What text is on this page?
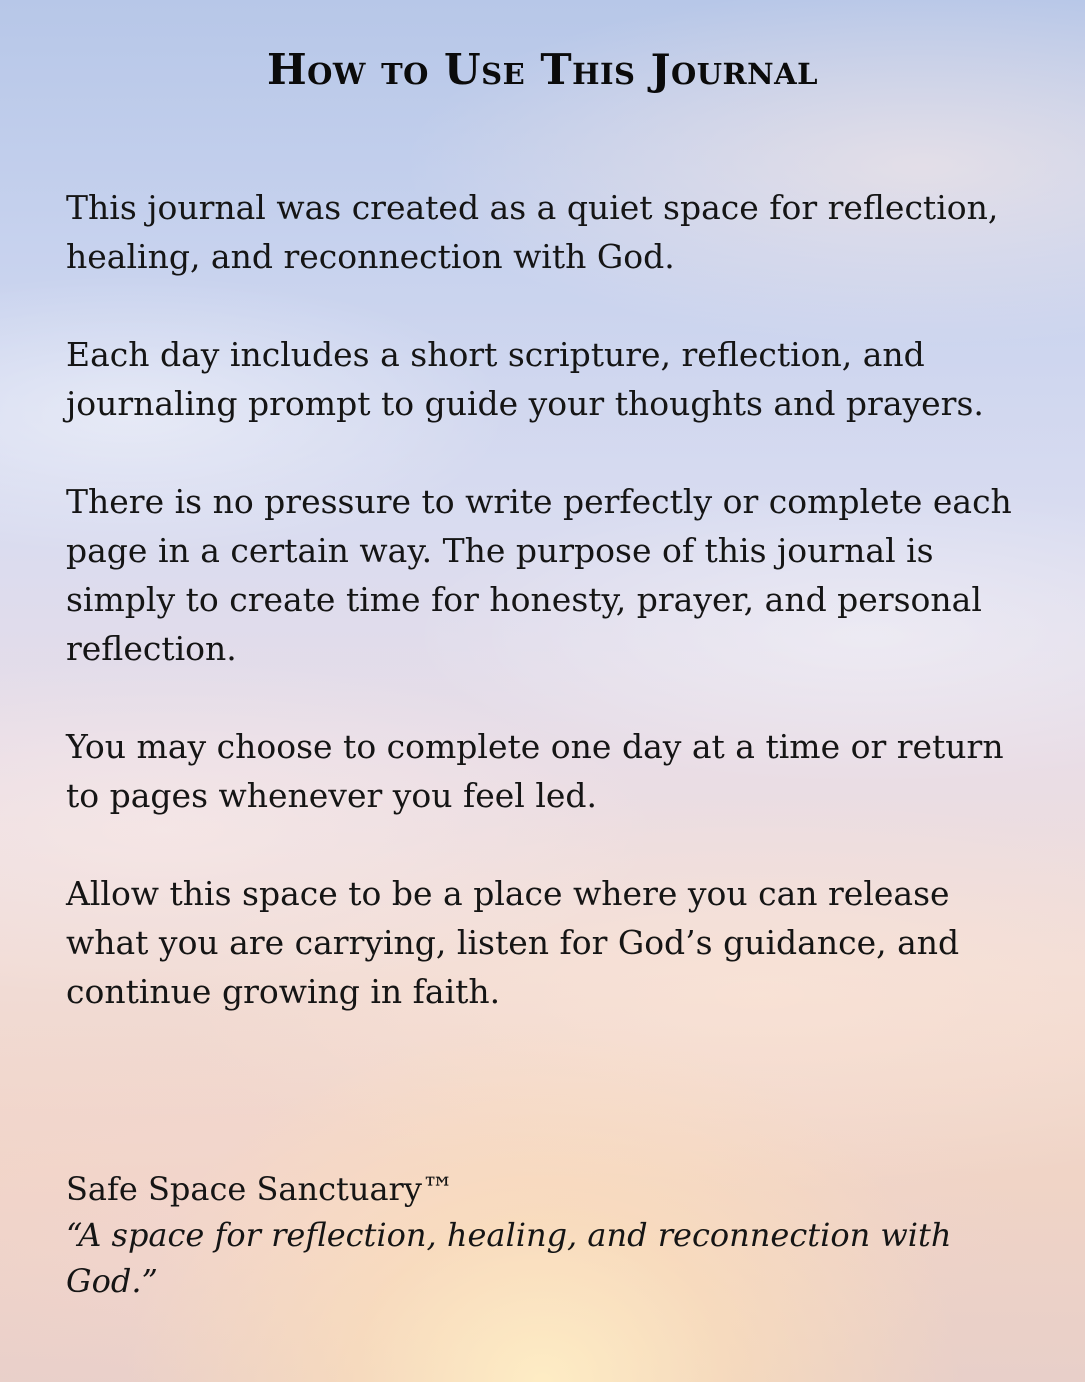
How to Use This Journal

This journal was created as a quiet space for reflection, healing, and reconnection with God.

Each day includes a short scripture, reflection, and journaling prompt to guide your thoughts and prayers.

There is no pressure to write perfectly or complete each page in a certain way. The purpose of this journal is simply to create time for honesty, prayer, and personal reflection.

You may choose to complete one day at a time or return to pages whenever you feel led.

Allow this space to be a place where you can release what you are carrying, listen for God’s guidance, and continue growing in faith.

Safe Space Sanctuary™

“A space for reflection, healing, and reconnection with God.”
